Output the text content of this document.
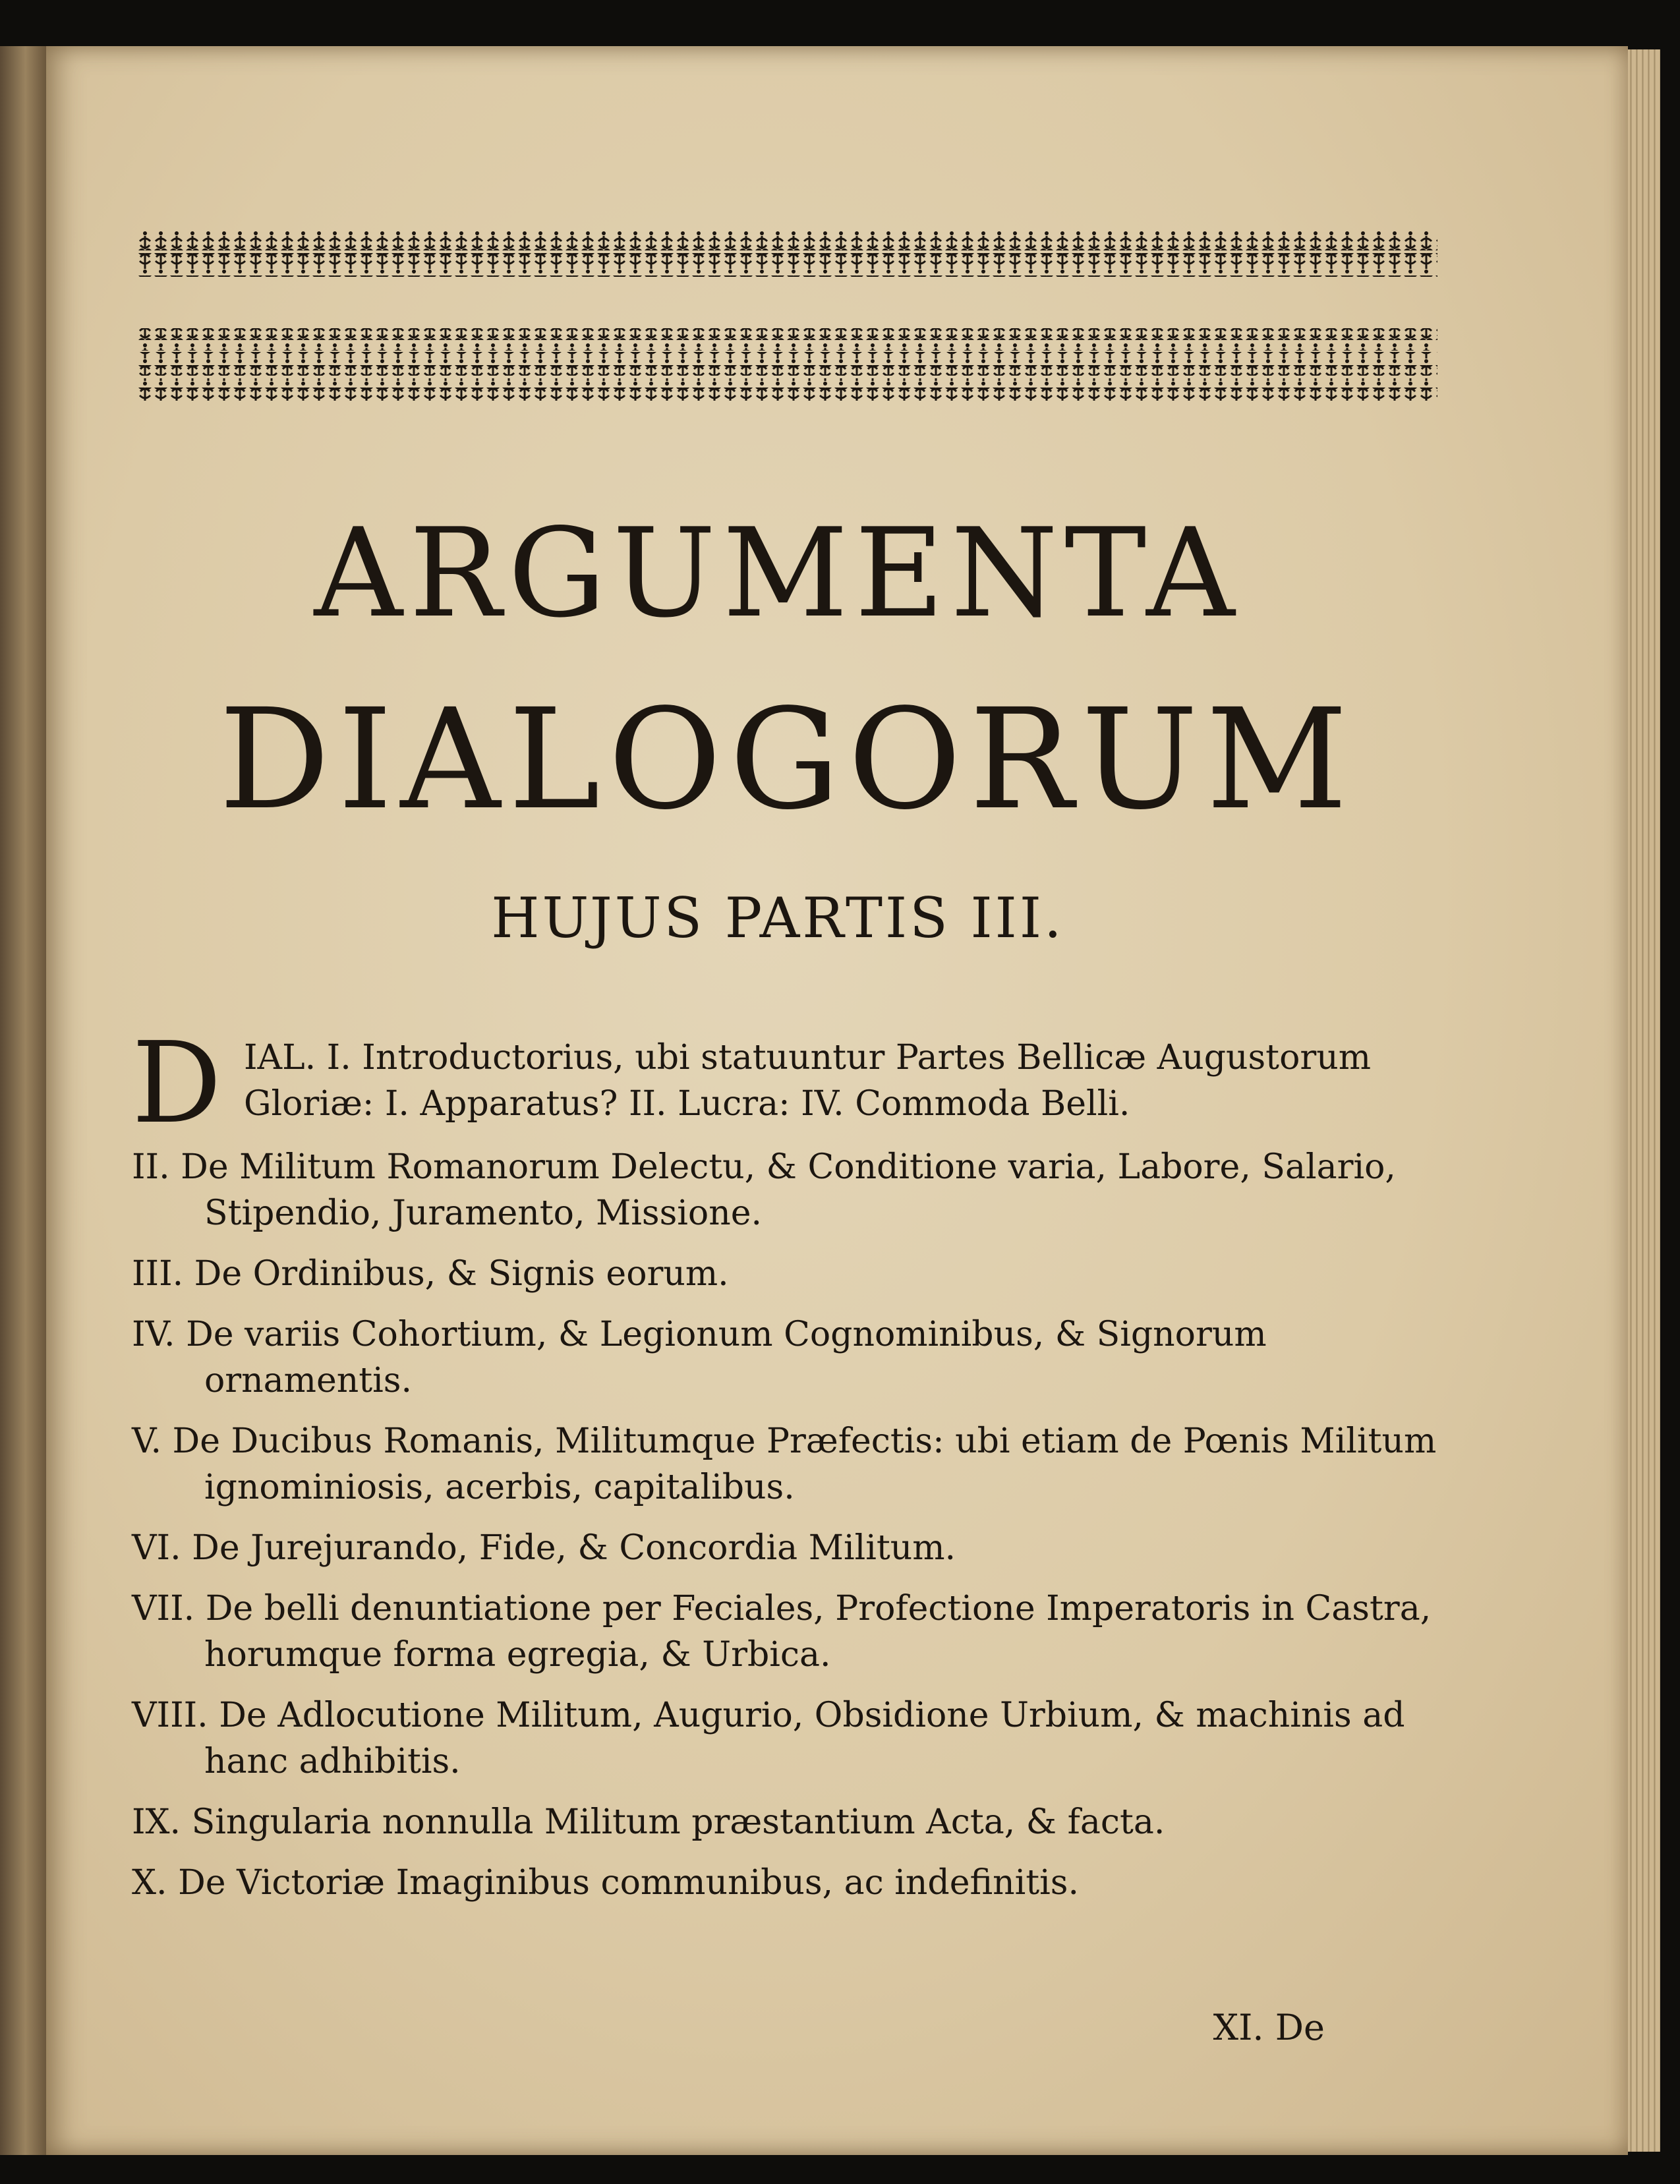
ARGUMENTA
DIALOGORUM
HUJUS PARTIS III.
D IAL. I. Introductorius, ubi statuuntur Partes Bellicæ Augustorum Gloriæ: I. Apparatus? II. Lucra: IV. Commoda Belli.
II. De Militum Romanorum Delectu, & Conditione varia, Labore, Salario, Stipendio, Juramento, Missione.
III. De Ordinibus, & Signis eorum.
IV. De variis Cohortium, & Legionum Cognominibus, & Signorum ornamentis.
V. De Ducibus Romanis, Militumque Præfectis: ubi etiam de Pœnis Militum ignominiosis, acerbis, capitalibus.
VI. De Jurejurando, Fide, & Concordia Militum.
VII. De belli denuntiatione per Feciales, Profectione Imperatoris in Castra, horumque forma egregia, & Urbica.
VIII. De Adlocutione Militum, Augurio, Obsidione Urbium, & machinis ad hanc adhibitis.
IX. Singularia nonnulla Militum præstantium Acta, & facta.
X. De Victoriæ Imaginibus communibus, ac indefinitis.
XI. De
